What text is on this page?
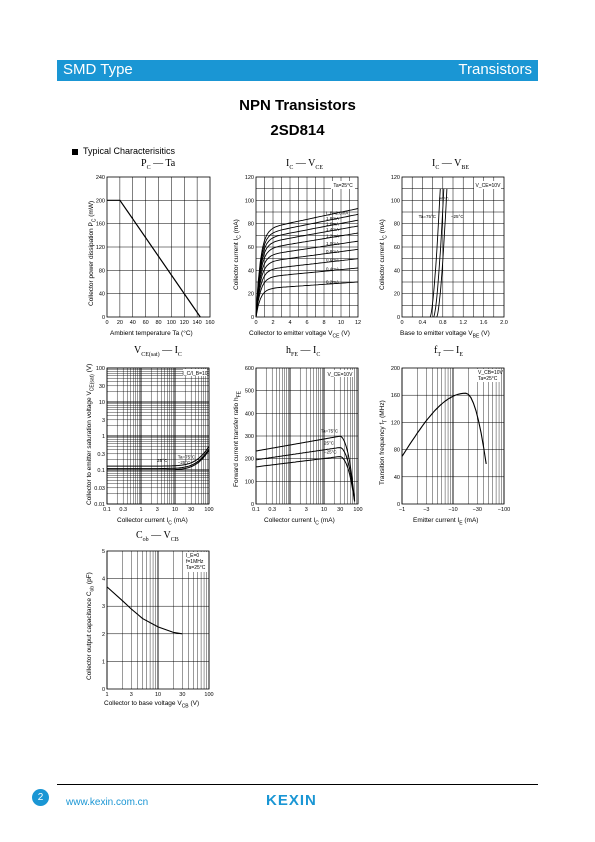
SMD Type	Transistors
NPN Transistors
2SD814
Typical Characterisitics
$P_C$ — Ta	$I_C$ — $V_{CE}$	$I_C$ — $V_{BE}$
$V_{CE(sat)}$ — $I_C$	$h_{FE}$ — $I_C$	$f_T$ — $I_E$
$C_{ob}$ — $V_{CB}$
Collector power dissipation $P_C$ (mW)
Collector current $I_C$ (mA)
Collector current $I_C$ (mA)
Collector to emitter saturation voltage $V_{CE(sat)}$ (V)
Forward current transfer ratio $h_{FE}$
Transition frequency $f_T$ (MHz)
Collector output capacitance $C_{ob}$ (pF)
Ambient temperature Ta (°C)	Collector to emitter voltage $V_{CE}$ (V)	Base to emitter voltage $V_{BE}$ (V)
Collector current $I_C$ (mA)	Collector current $I_C$ (mA)	Emitter current $I_E$ (mA)
Collector to base voltage $V_{CB}$ (V)
0 20 40 60 80 100 120 140 160
0
40
80
120
160
200
240
0	2	4	6	8 10 12
0
20
40
60
80
100
120
Ta=25°C
I_B=2.0mA
1.8mA
1.6mA
1.4mA
1.2mA
1.0mA
0.8mA
0.6mA
0.4mA
0.2mA
0	0.4 0.8 1.2 1.6 2.0
0
20
40
60
80
100
120
V_CE=10V
Ta=75°C
25°C
−25°C
0.1 0.3 1 3 10 30 100
0.01
0.03
0.1
0.3
1
3
10
30
100
I_C/I_B=10
Ta=75°C
25°C −25°C
0.1 0.3 1 3 10 30 100
0
100
200
300
400
500
600
V_CE=10V
Ta=75°C
25°C
−25°C
−1	−3	−10	−30	−100
0
40
80
120
160
200
V_CB=10V
Ta=25°C
1	3	10	30	100
0
1
2
3
4
5
I_E=0
f=1MHz
Ta=25°C
2	www.kexin.com.cn	KEXIN
